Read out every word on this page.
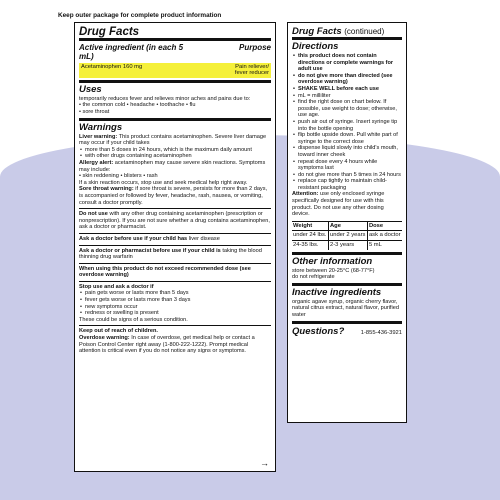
Keep outer package for complete product information
Drug Facts
Active ingredient (in each 5 mL)
Purpose
Acetaminophen 160 mg	Pain reliever/ fever reducer
Uses
temporarily reduces fever and relieves minor aches and pains due to:
• the common cold • headache • toothache • flu
• sore throat
Warnings
Liver warning: This product contains acetaminophen. Severe liver damage may occur if your child takes
• more than 5 doses in 24 hours, which is the maximum daily amount
• with other drugs containing acetaminophen
Allergy alert: acetaminophen may cause severe skin reactions. Symptoms may include:
• skin reddening • blisters • rash
If a skin reaction occurs, stop use and seek medical help right away.
Sore throat warning: if sore throat is severe, persists for more than 2 days, is accompanied or followed by fever, headache, rash, nausea, or vomiting, consult a doctor promptly.
Do not use with any other drug containing acetaminophen (prescription or nonprescription). If you are not sure whether a drug contains acetaminophen, ask a doctor or pharmacist.
Ask a doctor before use if your child has liver disease
Ask a doctor or pharmacist before use if your child is taking the blood thinning drug warfarin
When using this product do not exceed recommended dose (see overdose warning)
Stop use and ask a doctor if
• pain gets worse or lasts more than 5 days
• fever gets worse or lasts more than 3 days
• new symptoms occur
• redness or swelling is present
These could be signs of a serious condition.
Keep out of reach of children.
Overdose warning: In case of overdose, get medical help or contact a Poison Control Center right away (1-800-222-1222). Prompt medical attention is critical even if you do not notice any signs or symptoms.
→
Drug Facts (continued)
Directions
• this product does not contain directions or complete warnings for adult use
• do not give more than directed (see overdose warning)
• SHAKE WELL before each use
• mL = milliliter
• find the right dose on chart below. If possible, use weight to dose; otherwise, use age.
• push air out of syringe. Insert syringe tip into the bottle opening
• flip bottle upside down. Pull white part of syringe to the correct dose
• dispense liquid slowly into child's mouth, toward inner cheek
• repeat dose every 4 hours while symptoms last
• do not give more than 5 times in 24 hours
• replace cap tightly to maintain child-resistant packaging
Attention: use only enclosed syringe specifically designed for use with this product. Do not use any other dosing device.
Weight	Age	Dose
under 24 lbs.	under 2 years	ask a doctor
24-35 lbs.	2-3 years	5 mL
Other information
store between 20-25°C (68-77°F)
do not refrigerate
Inactive ingredients
organic agave syrup, organic cherry flavor, natural citrus extract, natural flavor, purified water
Questions?	1-855-436-3921
